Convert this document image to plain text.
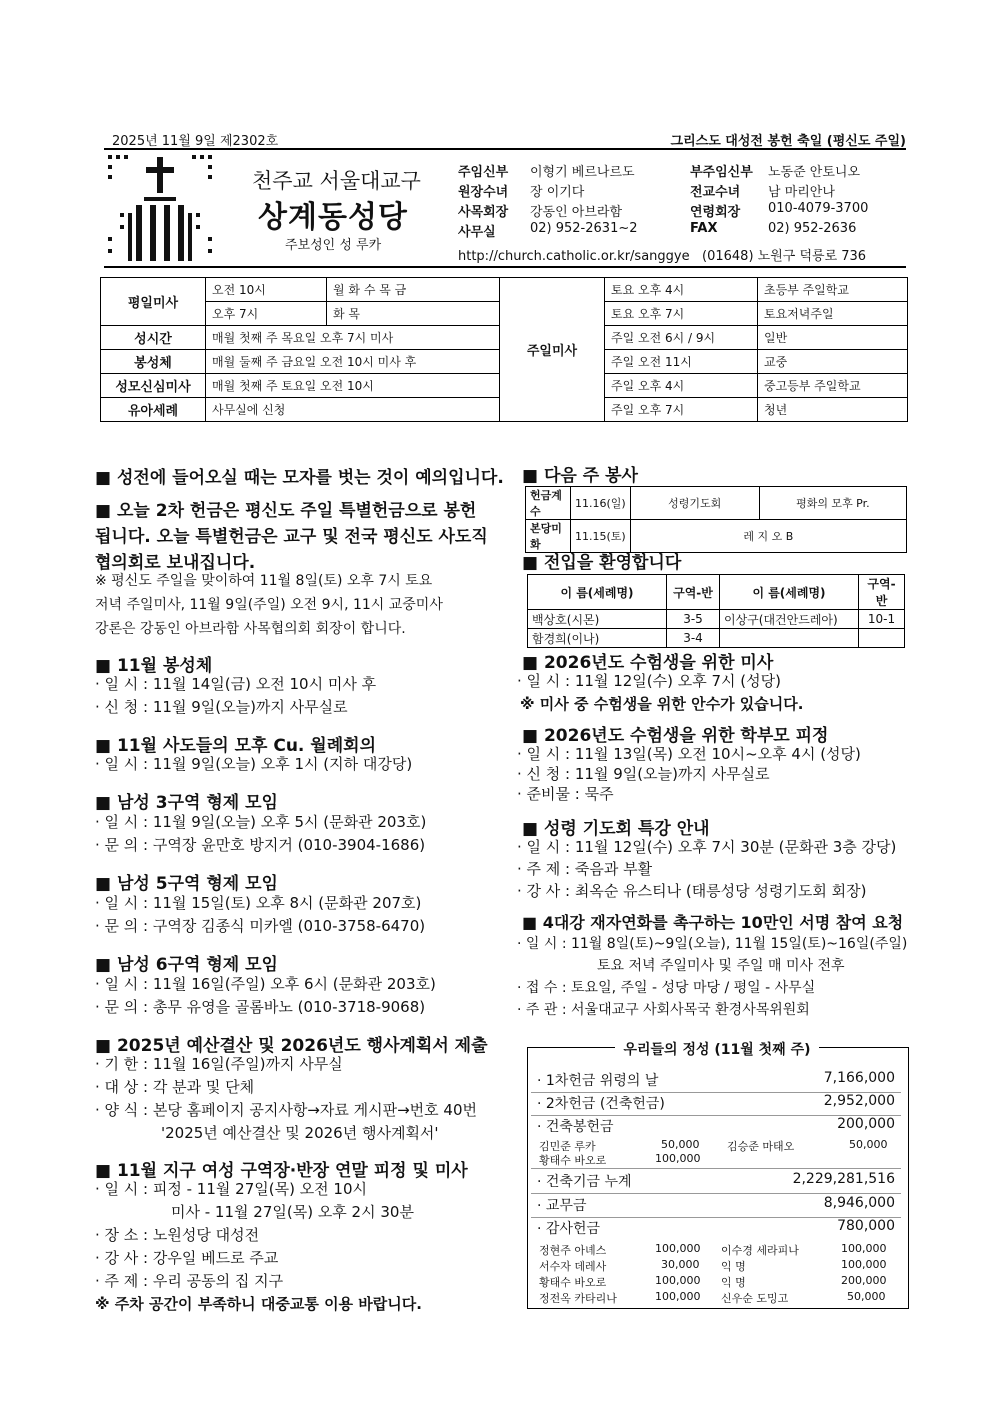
2025년 11월 9일 제2302호	그리스도 대성전 봉헌 축일 (평신도 주일)
천주교 서울대교구
상계동성당
주보성인 성 루카
주임신부 이형기 베르나르도	부주임신부 노동준 안토니오
원장수녀 장 이기다	전교수녀 남 마리안나
사목회장 강동인 아브라함	연령회장 010-4079-3700
사무실	02) 952-2631~2	FAX	02) 952-2636
http://church.catholic.or.kr/sanggye (01648) 노원구 덕릉로 736
평일미사	오전 10시	월 화 수 목 금	주일미사	토요 오후 4시	초등부 주일학교
	오후 7시	화 목		토요 오후 7시	토요저녁주일
성시간	매월 첫째 주 목요일 오후 7시 미사			주일 오전 6시 / 9시	일반
봉성체	매월 둘째 주 금요일 오전 10시 미사 후			주일 오전 11시	교중
성모신심미사	매월 첫째 주 토요일 오전 10시			주일 오후 4시	중고등부 주일학교
유아세례	사무실에 신청			주일 오후 7시	청년
■ 성전에 들어오실 때는 모자를 벗는 것이 예의입니다.
■ 오늘 2차 헌금은 평신도 주일 특별헌금으로 봉헌
됩니다. 오늘 특별헌금은 교구 및 전국 평신도 사도직
협의회로 보내집니다.
※ 평신도 주일을 맞이하여 11월 8일(토) 오후 7시 토요
저녁 주일미사, 11월 9일(주일) 오전 9시, 11시 교중미사
강론은 강동인 아브라함 사목협의회 회장이 합니다.
■ 11월 봉성체
· 일 시 : 11월 14일(금) 오전 10시 미사 후
· 신 청 : 11월 9일(오늘)까지 사무실로
■ 11월 사도들의 모후 Cu. 월례회의
· 일 시 : 11월 9일(오늘) 오후 1시 (지하 대강당)
■ 남성 3구역 형제 모임
· 일 시 : 11월 9일(오늘) 오후 5시 (문화관 203호)
· 문 의 : 구역장 윤만호 방지거 (010-3904-1686)
■ 남성 5구역 형제 모임
· 일 시 : 11월 15일(토) 오후 8시 (문화관 207호)
· 문 의 : 구역장 김종식 미카엘 (010-3758-6470)
■ 남성 6구역 형제 모임
· 일 시 : 11월 16일(주일) 오후 6시 (문화관 203호)
· 문 의 : 총무 유영을 골롬바노 (010-3718-9068)
■ 2025년 예산결산 및 2026년도 행사계획서 제출
· 기 한 : 11월 16일(주일)까지 사무실
· 대 상 : 각 분과 및 단체
· 양 식 : 본당 홈페이지 공지사항→자료 게시판→번호 40번
'2025년 예산결산 및 2026년 행사계획서'
■ 11월 지구 여성 구역장·반장 연말 피정 및 미사
· 일 시 : 피정 - 11월 27일(목) 오전 10시
미사 - 11월 27일(목) 오후 2시 30분
· 장 소 : 노원성당 대성전
· 강 사 : 강우일 베드로 주교
· 주 제 : 우리 공동의 집 지구
※ 주차 공간이 부족하니 대중교통 이용 바랍니다.
■ 다음 주 봉사
헌금계수	11.16(일)	성령기도회	평화의 모후 Pr.
본당미화	11.15(토)	레 지 오 B	
■ 전입을 환영합니다
이 름(세례명)	구역-반	이 름(세례명)	구역-반
백상호(시몬)	3-5	이상구(대건안드레아)	10-1
함경희(이나)	3-4		
■ 2026년도 수험생을 위한 미사
· 일 시 : 11월 12일(수) 오후 7시 (성당)
※ 미사 중 수험생을 위한 안수가 있습니다.
■ 2026년도 수험생을 위한 학부모 피정
· 일 시 : 11월 13일(목) 오전 10시~오후 4시 (성당)
· 신 청 : 11월 9일(오늘)까지 사무실로
· 준비물 : 묵주
■ 성령 기도회 특강 안내
· 일 시 : 11월 12일(수) 오후 7시 30분 (문화관 3층 강당)
· 주 제 : 죽음과 부활
· 강 사 : 최옥순 유스티나 (태릉성당 성령기도회 회장)
■ 4대강 재자연화를 촉구하는 10만인 서명 참여 요청
· 일 시 : 11월 8일(토)~9일(오늘), 11월 15일(토)~16일(주일)
토요 저녁 주일미사 및 주일 매 미사 전후
· 접 수 : 토요일, 주일 - 성당 마당 / 평일 - 사무실
· 주 관 : 서울대교구 사회사목국 환경사목위원회
우리들의 정성 (11월 첫째 주)
· 1차헌금 위령의 날	7,166,000
· 2차헌금 (건축헌금)	2,952,000
· 건축봉헌금	200,000
김민준 루카	50,000	김승준 마태오	50,000
황태수 바오로	100,000
· 건축기금 누계	2,229,281,516
· 교무금	8,946,000
· 감사헌금	780,000
정현주 아녜스	100,000 이수경 세라피나	100,000
서수자 데레사	30,000 익 명	100,000
황태수 바오로	100,000 익 명	200,000
정전옥 카타리나	100,000 신우순 도밍고	50,000
